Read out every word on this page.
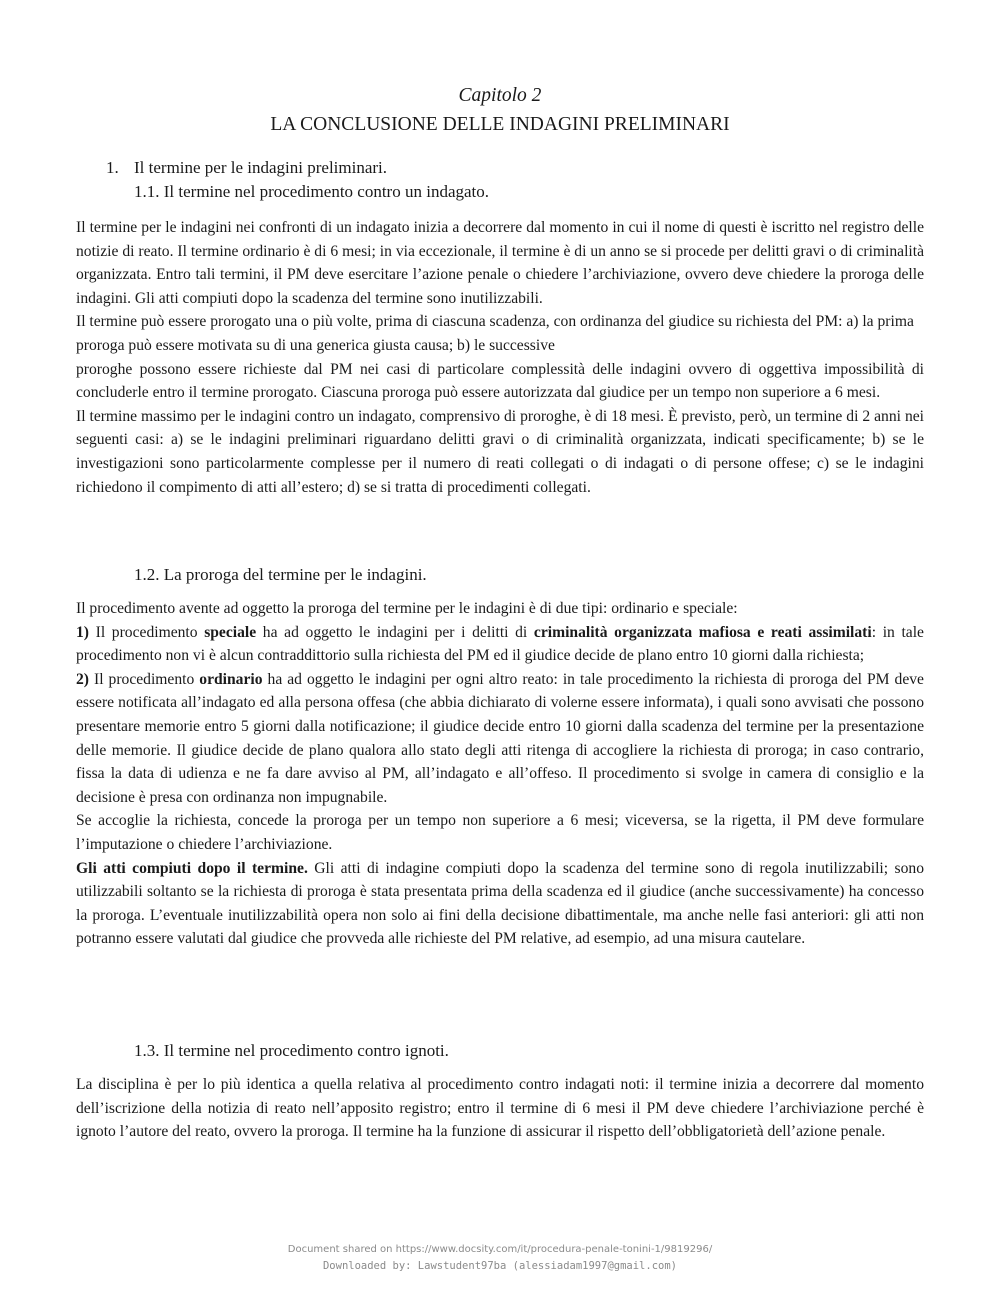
Capitolo 2
LA CONCLUSIONE DELLE INDAGINI PRELIMINARI
1. Il termine per le indagini preliminari.
1.1. Il termine nel procedimento contro un indagato.

Il termine per le indagini nei confronti di un indagato inizia a decorrere dal momento in cui il nome di questi è iscritto nel registro delle notizie di reato. Il termine ordinario è di 6 mesi; in via eccezionale, il termine è di un anno se si procede per delitti gravi o di criminalità organizzata. Entro tali termini, il PM deve esercitare l’azione penale o chiedere l’archiviazione, ovvero deve chiedere la proroga delle indagini. Gli atti compiuti dopo la scadenza del termine sono inutilizzabili.
Il termine può essere prorogato una o più volte, prima di ciascuna scadenza, con ordinanza del giudice su richiesta del PM: a) la prima proroga può essere motivata su di una generica giusta causa; b) le successive
proroghe possono essere richieste dal PM nei casi di particolare complessità delle indagini ovvero di oggettiva impossibilità di concluderle entro il termine prorogato. Ciascuna proroga può essere autorizzata dal giudice per un tempo non superiore a 6 mesi.
Il termine massimo per le indagini contro un indagato, comprensivo di proroghe, è di 18 mesi. È previsto, però, un termine di 2 anni nei seguenti casi: a) se le indagini preliminari riguardano delitti gravi o di criminalità organizzata, indicati specificamente; b) se le investigazioni sono particolarmente complesse per il numero di reati collegati o di indagati o di persone offese; c) se le indagini richiedono il compimento di atti all’estero; d) se si tratta di procedimenti collegati.

1.2. La proroga del termine per le indagini.

Il procedimento avente ad oggetto la proroga del termine per le indagini è di due tipi: ordinario e speciale:
1) Il procedimento speciale ha ad oggetto le indagini per i delitti di criminalità organizzata mafiosa e reati assimilati: in tale procedimento non vi è alcun contraddittorio sulla richiesta del PM ed il giudice decide de plano entro 10 giorni dalla richiesta;
2) Il procedimento ordinario ha ad oggetto le indagini per ogni altro reato: in tale procedimento la richiesta di proroga del PM deve essere notificata all’indagato ed alla persona offesa (che abbia dichiarato di volerne essere informata), i quali sono avvisati che possono presentare memorie entro 5 giorni dalla notificazione; il giudice decide entro 10 giorni dalla scadenza del termine per la presentazione delle memorie. Il giudice decide de plano qualora allo stato degli atti ritenga di accogliere la richiesta di proroga; in caso contrario, fissa la data di udienza e ne fa dare avviso al PM, all’indagato e all’offeso. Il procedimento si svolge in camera di consiglio e la decisione è presa con ordinanza non impugnabile.
Se accoglie la richiesta, concede la proroga per un tempo non superiore a 6 mesi; viceversa, se la rigetta, il PM deve formulare l’imputazione o chiedere l’archiviazione.
Gli atti compiuti dopo il termine. Gli atti di indagine compiuti dopo la scadenza del termine sono di regola inutilizzabili; sono utilizzabili soltanto se la richiesta di proroga è stata presentata prima della scadenza ed il giudice (anche successivamente) ha concesso la proroga. L’eventuale inutilizzabilità opera non solo ai fini della decisione dibattimentale, ma anche nelle fasi anteriori: gli atti non potranno essere valutati dal giudice che provveda alle richieste del PM relative, ad esempio, ad una misura cautelare.

1.3. Il termine nel procedimento contro ignoti.

La disciplina è per lo più identica a quella relativa al procedimento contro indagati noti: il termine inizia a decorrere dal momento dell’iscrizione della notizia di reato nell’apposito registro; entro il termine di 6 mesi il PM deve chiedere l’archiviazione perché è ignoto l’autore del reato, ovvero la proroga. Il termine ha la funzione di assicurar il rispetto dell’obbligatorietà dell’azione penale.

Document shared on https://www.docsity.com/it/procedura-penale-tonini-1/9819296/
Downloaded by: Lawstudent97ba (alessiadam1997@gmail.com)
